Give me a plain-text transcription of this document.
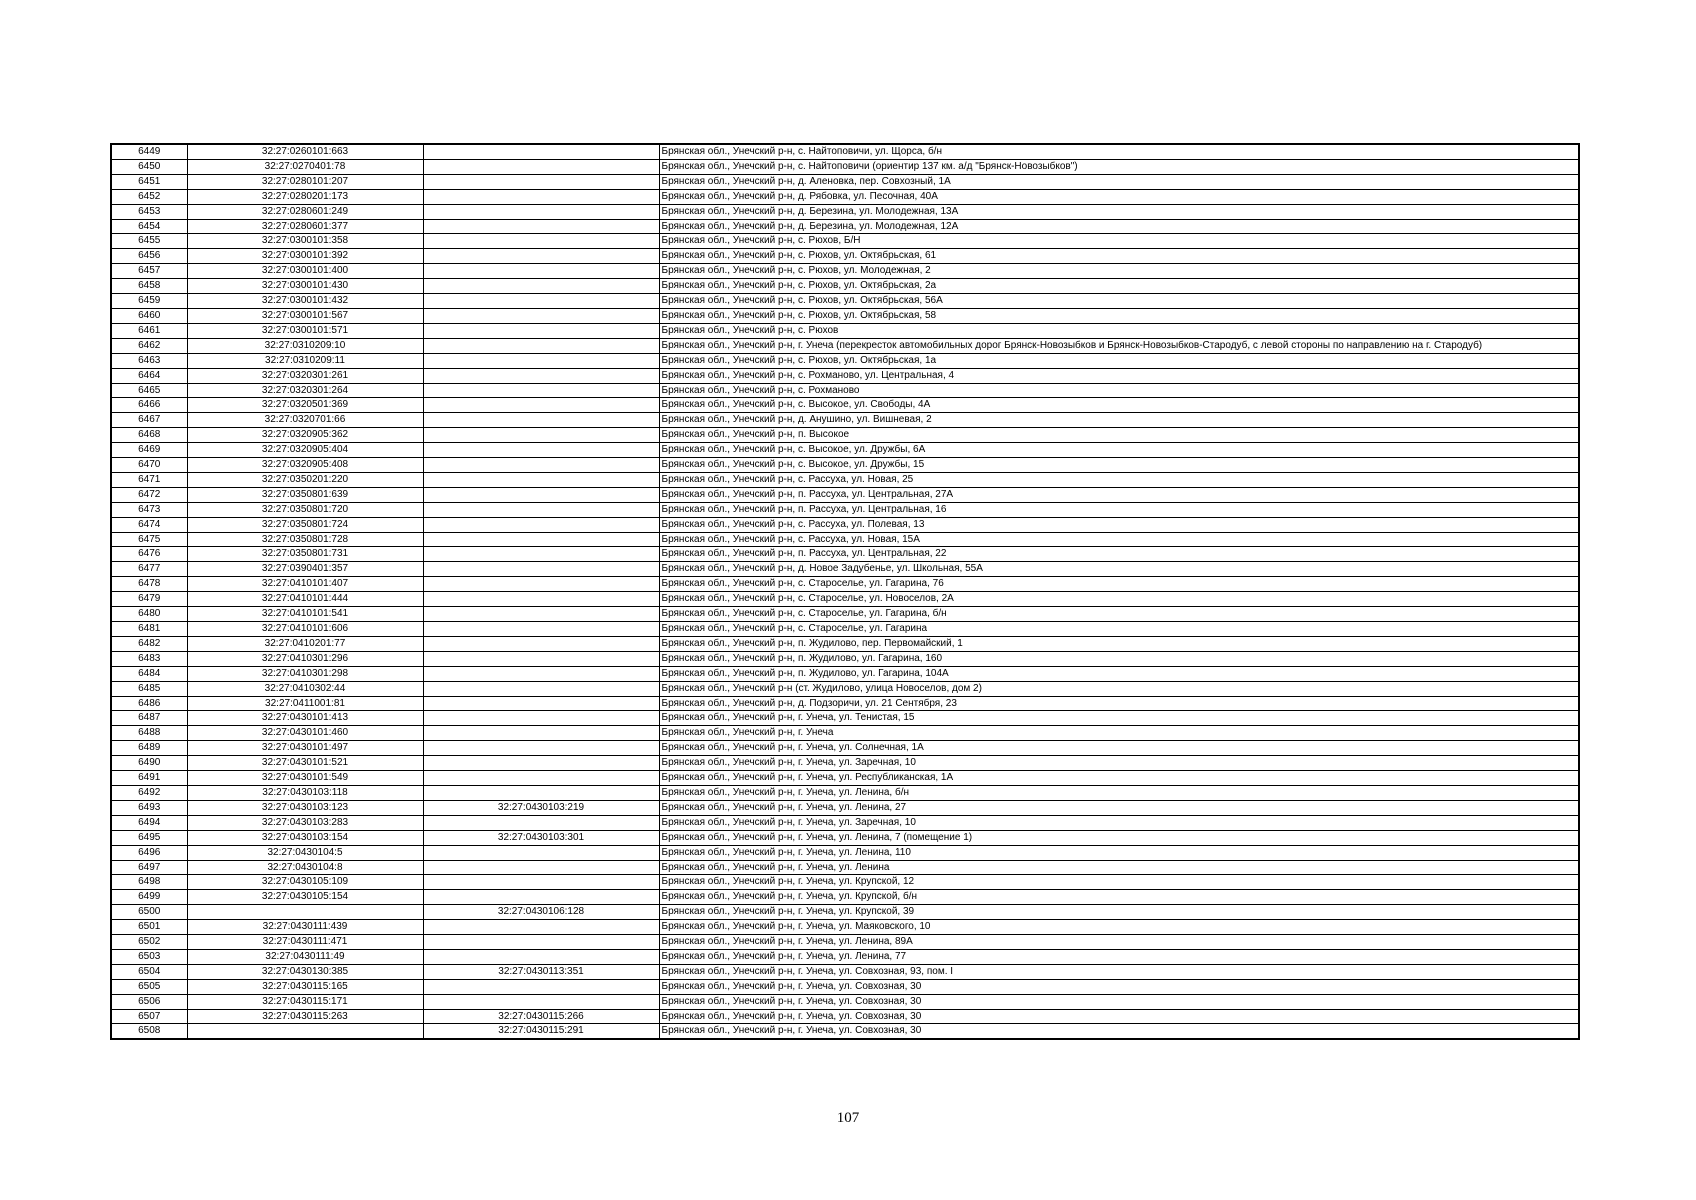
6449	32:27:0260101:663		Брянская обл., Унечский р-н, с. Найтоповичи, ул. Щорса, б/н
6450	32:27:0270401:78		Брянская обл., Унечский р-н, с. Найтоповичи (ориентир 137 км. а/д "Брянск-Новозыбков")
6451	32:27:0280101:207		Брянская обл., Унечский р-н, д. Аленовка, пер. Совхозный, 1А
6452	32:27:0280201:173		Брянская обл., Унечский р-н, д. Рябовка, ул. Песочная, 40А
6453	32:27:0280601:249		Брянская обл., Унечский р-н, д. Березина, ул. Молодежная, 13А
6454	32:27:0280601:377		Брянская обл., Унечский р-н, д. Березина, ул. Молодежная, 12А
6455	32:27:0300101:358		Брянская обл., Унечский р-н, с. Рюхов, Б/Н
6456	32:27:0300101:392		Брянская обл., Унечский р-н, с. Рюхов, ул. Октябрьская, 61
6457	32:27:0300101:400		Брянская обл., Унечский р-н, с. Рюхов, ул. Молодежная, 2
6458	32:27:0300101:430		Брянская обл., Унечский р-н, с. Рюхов, ул. Октябрьская, 2а
6459	32:27:0300101:432		Брянская обл., Унечский р-н, с. Рюхов, ул. Октябрьская, 56А
6460	32:27:0300101:567		Брянская обл., Унечский р-н, с. Рюхов, ул. Октябрьская, 58
6461	32:27:0300101:571		Брянская обл., Унечский р-н, с. Рюхов
6462	32:27:0310209:10		Брянская обл., Унечский р-н, г. Унеча (перекресток автомобильных дорог Брянск-Новозыбков и Брянск-Новозыбков-Стародуб, с левой стороны по направлению на г. Стародуб)
6463	32:27:0310209:11		Брянская обл., Унечский р-н, с. Рюхов, ул. Октябрьская, 1а
6464	32:27:0320301:261		Брянская обл., Унечский р-н, с. Рохманово, ул. Центральная, 4
6465	32:27:0320301:264		Брянская обл., Унечский р-н, с. Рохманово
6466	32:27:0320501:369		Брянская обл., Унечский р-н, с. Высокое, ул. Свободы, 4А
6467	32:27:0320701:66		Брянская обл., Унечский р-н, д. Анушино, ул. Вишневая, 2
6468	32:27:0320905:362		Брянская обл., Унечский р-н, п. Высокое
6469	32:27:0320905:404		Брянская обл., Унечский р-н, с. Высокое, ул. Дружбы, 6А
6470	32:27:0320905:408		Брянская обл., Унечский р-н, с. Высокое, ул. Дружбы, 15
6471	32:27:0350201:220		Брянская обл., Унечский р-н, с. Рассуха, ул. Новая, 25
6472	32:27:0350801:639		Брянская обл., Унечский р-н, п. Рассуха, ул. Центральная, 27А
6473	32:27:0350801:720		Брянская обл., Унечский р-н, п. Рассуха, ул. Центральная, 16
6474	32:27:0350801:724		Брянская обл., Унечский р-н, с. Рассуха, ул. Полевая, 13
6475	32:27:0350801:728		Брянская обл., Унечский р-н, с. Рассуха, ул. Новая, 15А
6476	32:27:0350801:731		Брянская обл., Унечский р-н, п. Рассуха, ул. Центральная, 22
6477	32:27:0390401:357		Брянская обл., Унечский р-н, д. Новое Задубенье, ул. Школьная, 55А
6478	32:27:0410101:407		Брянская обл., Унечский р-н, с. Староселье, ул. Гагарина, 76
6479	32:27:0410101:444		Брянская обл., Унечский р-н, с. Староселье, ул. Новоселов, 2А
6480	32:27:0410101:541		Брянская обл., Унечский р-н, с. Староселье, ул. Гагарина, б/н
6481	32:27:0410101:606		Брянская обл., Унечский р-н, с. Староселье, ул. Гагарина
6482	32:27:0410201:77		Брянская обл., Унечский р-н, п. Жудилово, пер. Первомайский, 1
6483	32:27:0410301:296		Брянская обл., Унечский р-н, п. Жудилово, ул. Гагарина, 160
6484	32:27:0410301:298		Брянская обл., Унечский р-н, п. Жудилово, ул. Гагарина, 104А
6485	32:27:0410302:44		Брянская обл., Унечский р-н (ст. Жудилово, улица Новоселов, дом 2)
6486	32:27:0411001:81		Брянская обл., Унечский р-н, д. Подзоричи, ул. 21 Сентября, 23
6487	32:27:0430101:413		Брянская обл., Унечский р-н, г. Унеча, ул. Тенистая, 15
6488	32:27:0430101:460		Брянская обл., Унечский р-н, г. Унеча
6489	32:27:0430101:497		Брянская обл., Унечский р-н, г. Унеча, ул. Солнечная, 1А
6490	32:27:0430101:521		Брянская обл., Унечский р-н, г. Унеча, ул. Заречная, 10
6491	32:27:0430101:549		Брянская обл., Унечский р-н, г. Унеча, ул. Республиканская, 1А
6492	32:27:0430103:118		Брянская обл., Унечский р-н, г. Унеча, ул. Ленина, б/н
6493	32:27:0430103:123	32:27:0430103:219	Брянская обл., Унечский р-н, г. Унеча, ул. Ленина, 27
6494	32:27:0430103:283		Брянская обл., Унечский р-н, г. Унеча, ул. Заречная, 10
6495	32:27:0430103:154	32:27:0430103:301	Брянская обл., Унечский р-н, г. Унеча, ул. Ленина, 7 (помещение 1)
6496	32:27:0430104:5		Брянская обл., Унечский р-н, г. Унеча, ул. Ленина, 110
6497	32:27:0430104:8		Брянская обл., Унечский р-н, г. Унеча, ул. Ленина
6498	32:27:0430105:109		Брянская обл., Унечский р-н, г. Унеча, ул. Крупской, 12
6499	32:27:0430105:154		Брянская обл., Унечский р-н, г. Унеча, ул. Крупской, б/н
6500		32:27:0430106:128	Брянская обл., Унечский р-н, г. Унеча, ул. Крупской, 39
6501	32:27:0430111:439		Брянская обл., Унечский р-н, г. Унеча, ул. Маяковского, 10
6502	32:27:0430111:471		Брянская обл., Унечский р-н, г. Унеча, ул. Ленина, 89А
6503	32:27:0430111:49		Брянская обл., Унечский р-н, г. Унеча, ул. Ленина, 77
6504	32:27:0430130:385	32:27:0430113:351	Брянская обл., Унечский р-н, г. Унеча, ул. Совхозная, 93, пом. I
6505	32:27:0430115:165		Брянская обл., Унечский р-н, г. Унеча, ул. Совхозная, 30
6506	32:27:0430115:171		Брянская обл., Унечский р-н, г. Унеча, ул. Совхозная, 30
6507	32:27:0430115:263	32:27:0430115:266	Брянская обл., Унечский р-н, г. Унеча, ул. Совхозная, 30
6508		32:27:0430115:291	Брянская обл., Унечский р-н, г. Унеча, ул. Совхозная, 30
107
